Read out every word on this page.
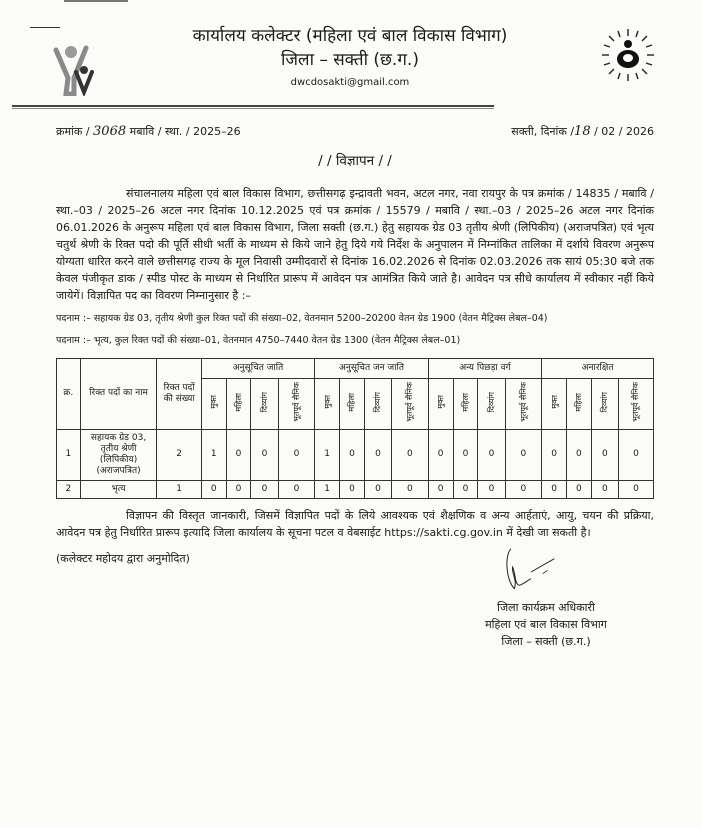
कार्यालय कलेक्टर (महिला एवं बाल विकास विभाग)
जिला – सक्ती (छ.ग.)
dwcdosakti@gmail.com
क्रमांक / 3068 मबावि / स्था. / 2025–26	सक्ती, दिनांक /18 / 02 / 2026
/ / विज्ञापन / /
संचालनालय महिला एवं बाल विकास विभाग, छत्तीसगढ़ इन्द्रावती भवन, अटल नगर, नवा रायपुर के पत्र क्रमांक / 14835 / मबावि / स्था.–03 / 2025–26 अटल नगर दिनांक 10.12.2025 एवं पत्र क्रमांक / 15579 / मबावि / स्था.–03 / 2025–26 अटल नगर दिनांक 06.01.2026 के अनुरूप महिला एवं बाल विकास विभाग, जिला सक्ती (छ.ग.) हेतु सहायक ग्रेड 03 तृतीय श्रेणी (लिपिकीय) (अराजपत्रित) एवं भृत्य चतुर्थ श्रेणी के रिक्त पदो की पूर्ति सीधी भर्ती के माध्यम से किये जाने हेतु दिये गये निर्देश के अनुपालन में निम्नांकित तालिका में दर्शाये विवरण अनुरूप योग्यता धारित करने वाले छत्तीसगढ़ राज्य के मूल निवासी उम्मीदवारों से दिनांक 16.02.2026 से दिनांक 02.03.2026 तक सायं 05:30 बजे तक केवल पंजीकृत डाक / स्पीड पोस्ट के माध्यम से निर्धारित प्रारूप में आवेदन पत्र आमंत्रित किये जाते है। आवेदन पत्र सीधे कार्यालय में स्वीकार नहीं किये जायेगें। विज्ञापित पद का विवरण निम्नानुसार है :–
पदनाम :– सहायक ग्रेड 03, तृतीय श्रेणी कुल रिक्त पदों की संख्या–02, वेतनमान 5200–20200 वेतन ग्रेड 1900 (वेतन मैट्रिक्स लेबल–04)
पदनाम :– भृत्य, कुल रिक्त पदों की संख्या–01, वेतनमान 4750–7440 वेतन ग्रेड 1300 (वेतन मैट्रिक्स लेबल–01)
क्र.	रिक्त पदों का नाम	रिक्त पदों की संख्या	अनुसूचित जाति				अनुसूचित जन जाति				अन्य पिछड़ा वर्ग				अनारक्षित			
			मुक्त	महिला	दिव्यांग	भूतपूर्व सैनिक	मुक्त	महिला	दिव्यांग	भूतपूर्व सैनिक	मुक्त	महिला	दिव्यांग	भूतपूर्व सैनिक	मुक्त	महिला	दिव्यांग	भूतपूर्व सैनिक
1	सहायक ग्रेड 03, तृतीय श्रेणी (लिपिकीय) (अराजपत्रित)	2	1	0	0	0	1	0	0	0	0	0	0	0	0	0	0	0
2	भृत्य	1	0	0	0	0	1	0	0	0	0	0	0	0	0	0	0	0
विज्ञापन की विस्तृत जानकारी, जिसमें विज्ञापित पदों के लिये आवश्यक एवं शैक्षणिक व अन्य आर्हताएं, आयु, चयन की प्रक्रिया, आवेदन पत्र हेतु निर्धारित प्रारूप इत्यादि जिला कार्यालय के सूचना पटल व वेबसाईट https://sakti.cg.gov.in में देखी जा सकती है।
(कलेक्टर महोदय द्वारा अनुमोदित)
जिला कार्यक्रम अधिकारी
महिला एवं बाल विकास विभाग
जिला – सक्ती (छ.ग.)
